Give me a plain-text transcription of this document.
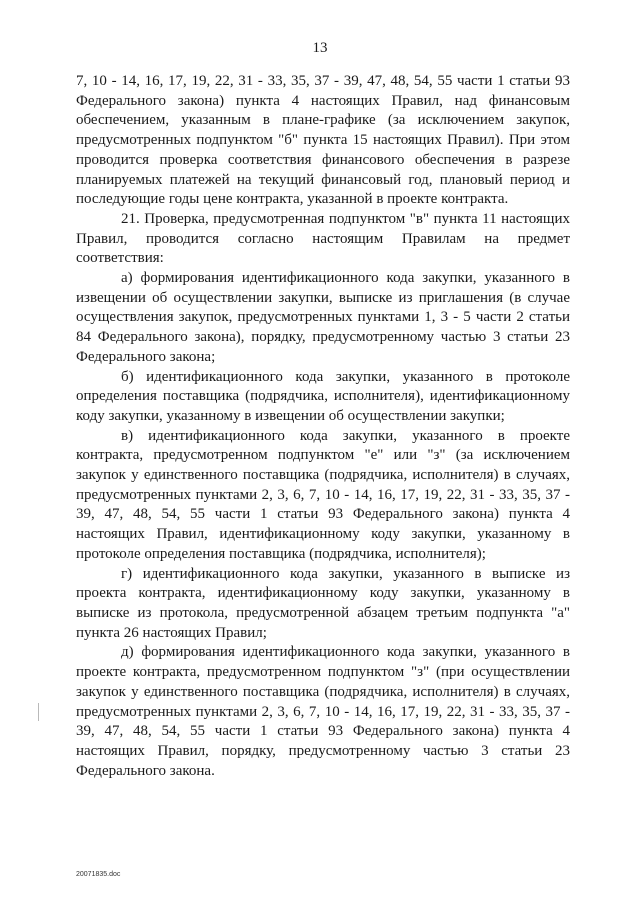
13

7, 10 - 14, 16, 17, 19, 22, 31 - 33, 35, 37 - 39, 47, 48, 54, 55 части 1 статьи 93 Федерального закона) пункта 4 настоящих Правил, над финансовым обеспечением, указанным в плане-графике (за исключением закупок, предусмотренных подпунктом "б" пункта 15 настоящих Правил). При этом проводится проверка соответствия финансового обеспечения в разрезе планируемых платежей на текущий финансовый год, плановый период и последующие годы цене контракта, указанной в проекте контракта.

21. Проверка, предусмотренная подпунктом "в" пункта 11 настоящих Правил, проводится согласно настоящим Правилам на предмет соответствия:

а) формирования идентификационного кода закупки, указанного в извещении об осуществлении закупки, выписке из приглашения (в случае осуществления закупок, предусмотренных пунктами 1, 3 - 5 части 2 статьи 84 Федерального закона), порядку, предусмотренному частью 3 статьи 23 Федерального закона;

б) идентификационного кода закупки, указанного в протоколе определения поставщика (подрядчика, исполнителя), идентификационному коду закупки, указанному в извещении об осуществлении закупки;

в) идентификационного кода закупки, указанного в проекте контракта, предусмотренном подпунктом "е" или "з" (за исключением закупок у единственного поставщика (подрядчика, исполнителя) в случаях, предусмотренных пунктами 2, 3, 6, 7, 10 - 14, 16, 17, 19, 22, 31 - 33, 35, 37 - 39, 47, 48, 54, 55 части 1 статьи 93 Федерального закона) пункта 4 настоящих Правил, идентификационному коду закупки, указанному в протоколе определения поставщика (подрядчика, исполнителя);

г) идентификационного кода закупки, указанного в выписке из проекта контракта, идентификационному коду закупки, указанному в выписке из протокола, предусмотренной абзацем третьим подпункта "а" пункта 26 настоящих Правил;

д) формирования идентификационного кода закупки, указанного в проекте контракта, предусмотренном подпунктом "з" (при осуществлении закупок у единственного поставщика (подрядчика, исполнителя) в случаях, предусмотренных пунктами 2, 3, 6, 7, 10 - 14, 16, 17, 19, 22, 31 - 33, 35, 37 - 39, 47, 48, 54, 55 части 1 статьи 93 Федерального закона) пункта 4 настоящих Правил, порядку, предусмотренному частью 3 статьи 23 Федерального закона.

20071835.doc
